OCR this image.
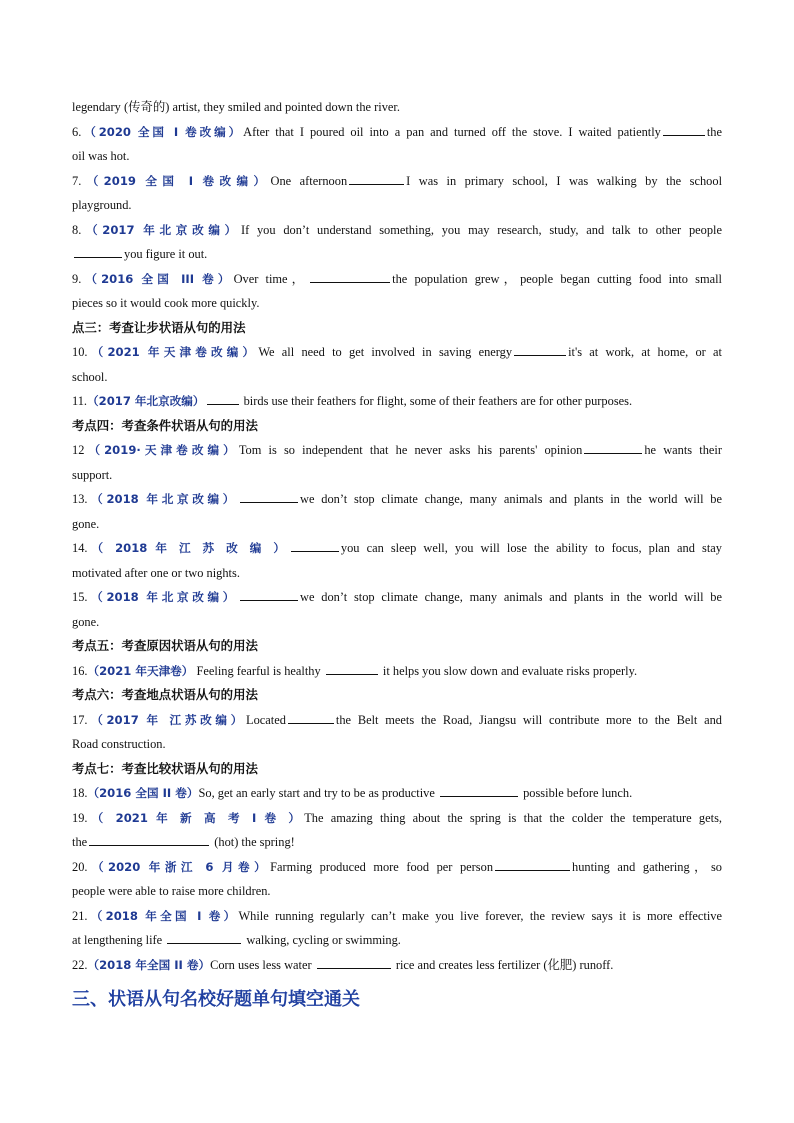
legendary (传奇的) artist, they smiled and pointed down the river.
6.（2020 全国 I 卷改编）After that I poured oil into a pan and turned off the stove. I waited patiently	the
oil was hot.
7.（2019 全国 I 卷改编）One afternoon	I was in primary school, I was walking by the school
playground.
8.（2017 年北京改编）If you don’t understand something, you may research, study, and talk to other people
you figure it out.
9.（2016 全国 III 卷）Over time，	the population grew，people began cutting food into small
pieces so it would cook more quickly.
点三：考查让步状语从句的用法
10.（2021 年天津卷改编）We all need to get involved in saving energy	it's at work, at home, or at
school.
11.（2017 年北京改编）	birds use their feathers for flight, some of their feathers are for other purposes.
考点四：考查条件状语从句的用法
12（2019·天津卷改编）Tom is so independent that he never asks his parents' opinion	he wants their
support.
13.（2018 年北京改编）	we don’t stop climate change, many animals and plants in the world will be
gone.
14.（ 2018 年 江 苏 改 编 ）	you can sleep well, you will lose the ability to focus, plan and stay
motivated after one or two nights.
15.（2018 年北京改编）	we don’t stop climate change, many animals and plants in the world will be
gone.
考点五：考查原因状语从句的用法
16.（2021 年天津卷） Feeling fearful is healthy	it helps you slow down and evaluate risks properly.
考点六：考查地点状语从句的用法
17.（2017 年 江苏改编）Located	the Belt meets the Road, Jiangsu will contribute more to the Belt and
Road construction.
考点七：考查比较状语从句的用法
18.（2016 全国 II 卷）So, get an early start and try to be as productive	possible before lunch.
19.（ 2021 年 新 高 考 I 卷 ）The amazing thing about the spring is that the colder the temperature gets,
the	(hot) the spring!
20.（2020 年浙江 6 月卷）Farming produced more food per person	hunting and gathering，so
people were able to raise more children.
21.（2018 年全国 I 卷）While running regularly can’t make you live forever, the review says it is more effective
at lengthening life	walking, cycling or swimming.
22.（2018 年全国 II 卷）Corn uses less water	rice and creates less fertilizer (化肥) runoff.
三、状语从句名校好题单句填空通关
